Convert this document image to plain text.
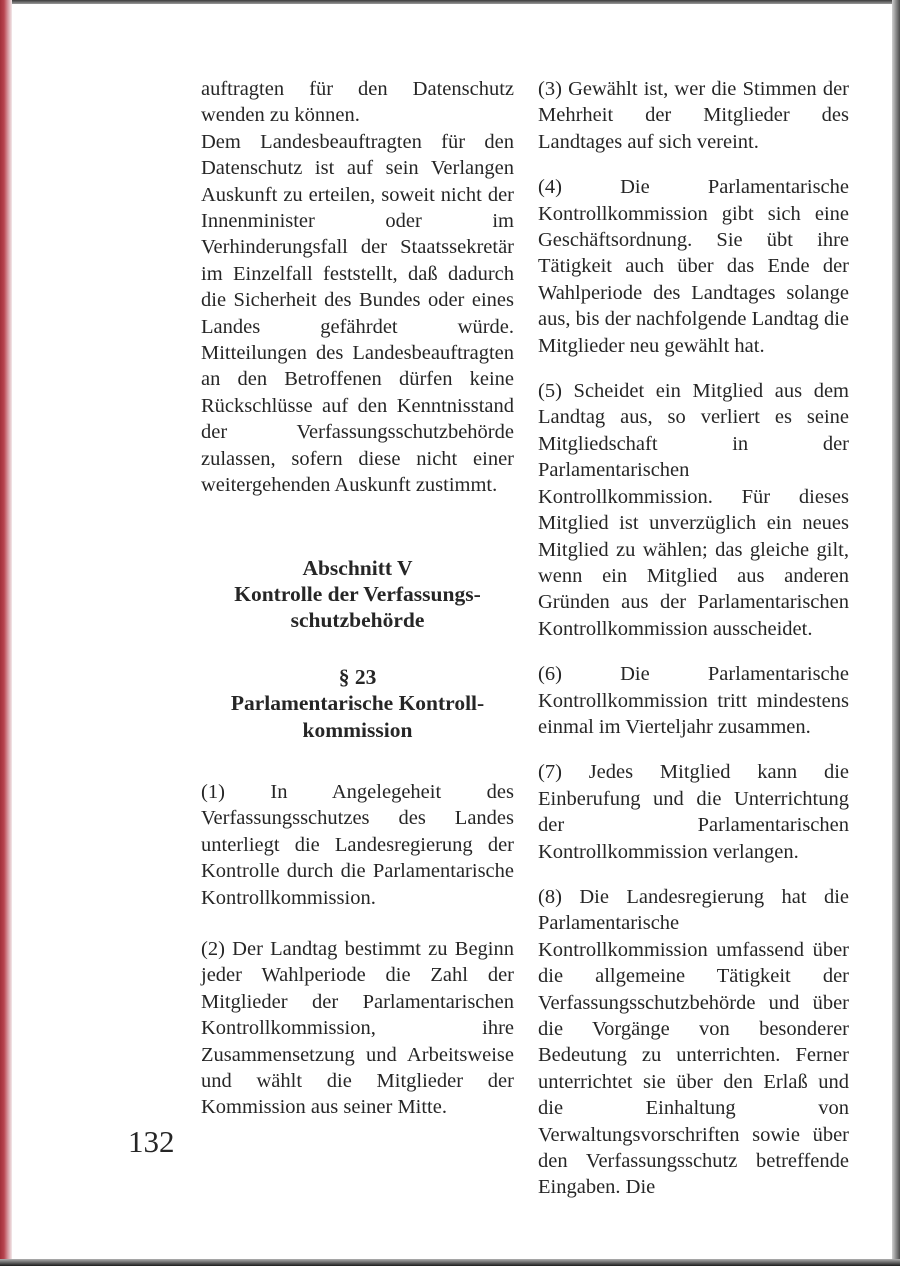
auftragten für den Datenschutz wenden zu können.

Dem Landesbeauftragten für den Datenschutz ist auf sein Verlangen Auskunft zu erteilen, soweit nicht der Innenminister oder im Verhinderungsfall der Staatssekretär im Einzelfall feststellt, daß dadurch die Sicherheit des Bundes oder eines Landes gefährdet würde. Mitteilungen des Landesbeauftragten an den Betroffenen dürfen keine Rückschlüsse auf den Kenntnisstand der Verfassungsschutzbehörde zulassen, sofern diese nicht einer weitergehenden Auskunft zustimmt.

Abschnitt V
Kontrolle der Verfassungs-
schutzbehörde
§ 23
Parlamentarische Kontroll-
kommission

(1) In Angelegeheit des Verfassungsschutzes des Landes unterliegt die Landesregierung der Kontrolle durch die Parlamentarische Kontrollkommission.

(2) Der Landtag bestimmt zu Beginn jeder Wahlperiode die Zahl der Mitglieder der Parlamentarischen Kontrollkommission, ihre Zusammensetzung und Arbeitsweise und wählt die Mitglieder der Kommission aus seiner Mitte.

(3) Gewählt ist, wer die Stimmen der Mehrheit der Mitglieder des Landtages auf sich vereint.

(4) Die Parlamentarische Kontrollkommission gibt sich eine Geschäftsordnung. Sie übt ihre Tätigkeit auch über das Ende der Wahlperiode des Landtages solange aus, bis der nachfolgende Landtag die Mitglieder neu gewählt hat.

(5) Scheidet ein Mitglied aus dem Landtag aus, so verliert es seine Mitgliedschaft in der Parlamentarischen Kontrollkommission. Für dieses Mitglied ist unverzüglich ein neues Mitglied zu wählen; das gleiche gilt, wenn ein Mitglied aus anderen Gründen aus der Parlamentarischen Kontrollkommission ausscheidet.

(6) Die Parlamentarische Kontrollkommission tritt mindestens einmal im Vierteljahr zusammen.

(7) Jedes Mitglied kann die Einberufung und die Unterrichtung der Parlamentarischen Kontrollkommission verlangen.

(8) Die Landesregierung hat die Parlamentarische Kontrollkommission umfassend über die allgemeine Tätigkeit der Verfassungsschutzbehörde und über die Vorgänge von besonderer Bedeutung zu unterrichten. Ferner unterrichtet sie über den Erlaß und die Einhaltung von Verwaltungsvorschriften sowie über den Verfassungsschutz betreffende Eingaben. Die

132
